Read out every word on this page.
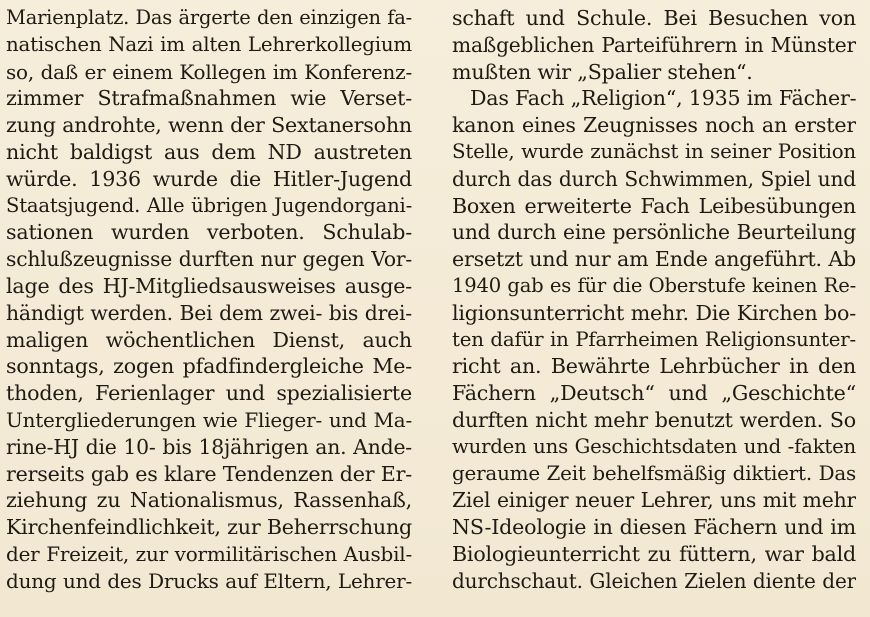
Marienplatz. Das ärgerte den einzigen fa-
natischen Nazi im alten Lehrerkollegium
so, daß er einem Kollegen im Konferenz-
zimmer Strafmaßnahmen wie Verset-
zung androhte, wenn der Sextanersohn
nicht baldigst aus dem ND austreten
würde. 1936 wurde die Hitler-Jugend
Staatsjugend. Alle übrigen Jugendorgani-
sationen wurden verboten. Schulab-
schlußzeugnisse durften nur gegen Vor-
lage des HJ-Mitgliedsausweises ausge-
händigt werden. Bei dem zwei- bis drei-
maligen wöchentlichen Dienst, auch
sonntags, zogen pfadfindergleiche Me-
thoden, Ferienlager und spezialisierte
Untergliederungen wie Flieger- und Ma-
rine-HJ die 10- bis 18jährigen an. Ande-
rerseits gab es klare Tendenzen der Er-
ziehung zu Nationalismus, Rassenhaß,
Kirchenfeindlichkeit, zur Beherrschung
der Freizeit, zur vormilitärischen Ausbil-
dung und des Drucks auf Eltern, Lehrer-
schaft und Schule. Bei Besuchen von
maßgeblichen Parteiführern in Münster
mußten wir „Spalier stehen“.
Das Fach „Religion“, 1935 im Fächer-
kanon eines Zeugnisses noch an erster
Stelle, wurde zunächst in seiner Position
durch das durch Schwimmen, Spiel und
Boxen erweiterte Fach Leibesübungen
und durch eine persönliche Beurteilung
ersetzt und nur am Ende angeführt. Ab
1940 gab es für die Oberstufe keinen Re-
ligionsunterricht mehr. Die Kirchen bo-
ten dafür in Pfarrheimen Religionsunter-
richt an. Bewährte Lehrbücher in den
Fächern „Deutsch“ und „Geschichte“
durften nicht mehr benutzt werden. So
wurden uns Geschichtsdaten und -fakten
geraume Zeit behelfsmäßig diktiert. Das
Ziel einiger neuer Lehrer, uns mit mehr
NS-Ideologie in diesen Fächern und im
Biologieunterricht zu füttern, war bald
durchschaut. Gleichen Zielen diente der
